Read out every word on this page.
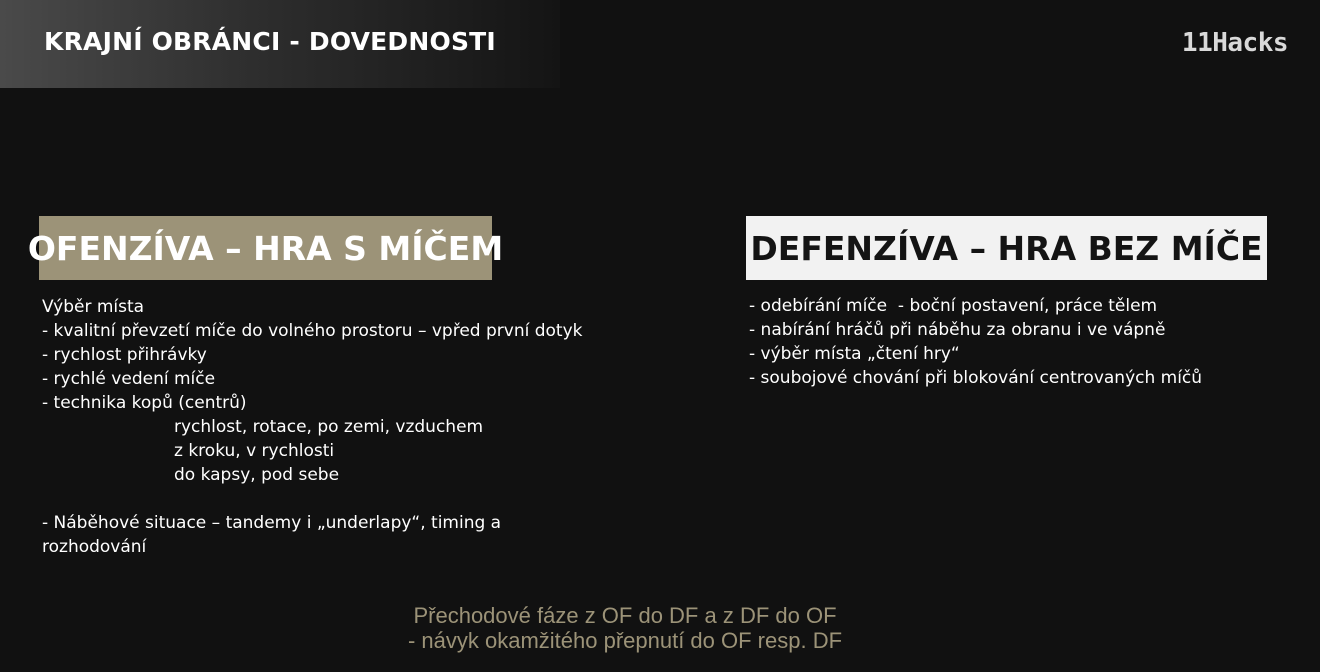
KRAJNÍ OBRÁNCI - DOVEDNOSTI	11Hacks
OFENZÍVA – HRA S MÍČEM
Výběr místa
- kvalitní převzetí míče do volného prostoru – vpřed první dotyk
- rychlost přihrávky
- rychlé vedení míče
- technika kopů (centrů)
rychlost, rotace, po zemi, vzduchem
z kroku, v rychlosti
do kapsy, pod sebe
- Náběhové situace – tandemy i „underlapy“, timing a
rozhodování
DEFENZÍVA – HRA BEZ MÍČE
- odebírání míče  - boční postavení, práce tělem
- nabírání hráčů při náběhu za obranu i ve vápně
- výběr místa „čtení hry“
- soubojové chování při blokování centrovaných míčů
Přechodové fáze z OF do DF a z DF do OF
- návyk okamžitého přepnutí do OF resp. DF
